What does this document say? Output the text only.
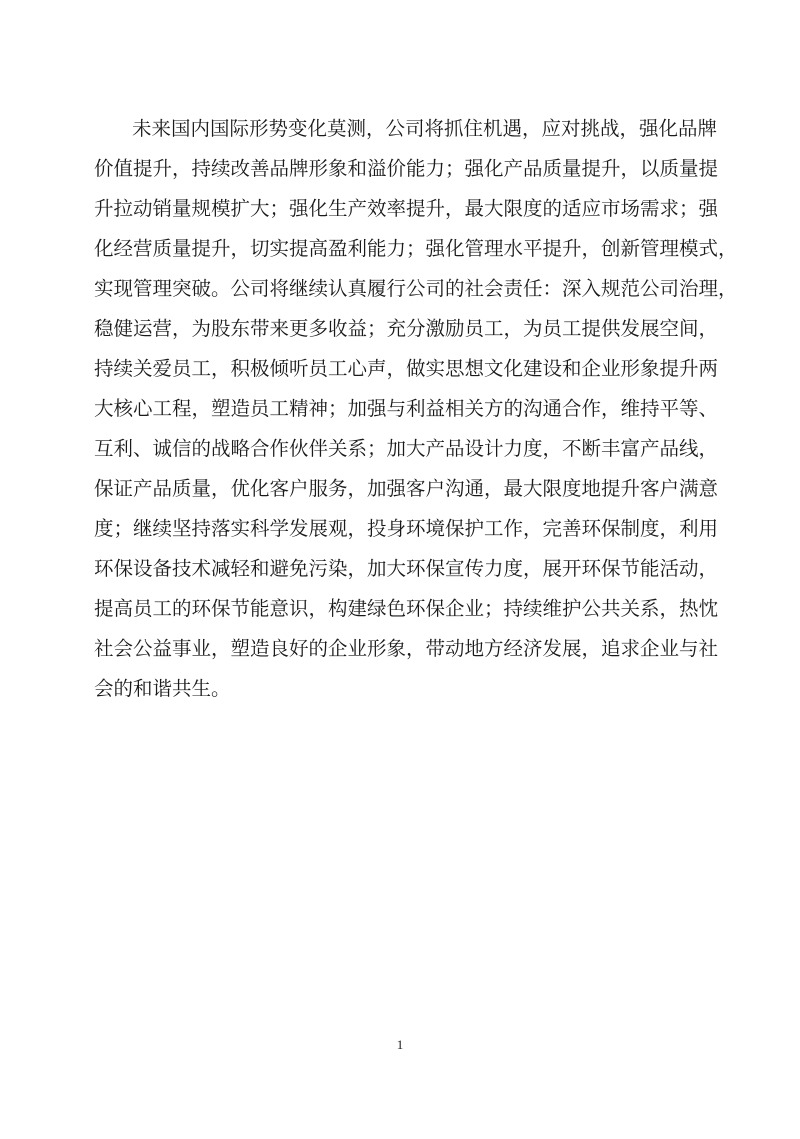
未来国内国际形势变化莫测，公司将抓住机遇，应对挑战，强化品牌
价值提升，持续改善品牌形象和溢价能力；强化产品质量提升，以质量提
升拉动销量规模扩大；强化生产效率提升，最大限度的适应市场需求；强
化经营质量提升，切实提高盈利能力；强化管理水平提升，创新管理模式，
实现管理突破。公司将继续认真履行公司的社会责任：深入规范公司治理，
稳健运营，为股东带来更多收益；充分激励员工，为员工提供发展空间，
持续关爱员工，积极倾听员工心声，做实思想文化建设和企业形象提升两
大核心工程，塑造员工精神；加强与利益相关方的沟通合作，维持平等、
互利、诚信的战略合作伙伴关系；加大产品设计力度，不断丰富产品线，
保证产品质量，优化客户服务，加强客户沟通，最大限度地提升客户满意
度；继续坚持落实科学发展观，投身环境保护工作，完善环保制度，利用
环保设备技术减轻和避免污染，加大环保宣传力度，展开环保节能活动，
提高员工的环保节能意识，构建绿色环保企业；持续维护公共关系，热忱
社会公益事业，塑造良好的企业形象，带动地方经济发展，追求企业与社
会的和谐共生。
1
